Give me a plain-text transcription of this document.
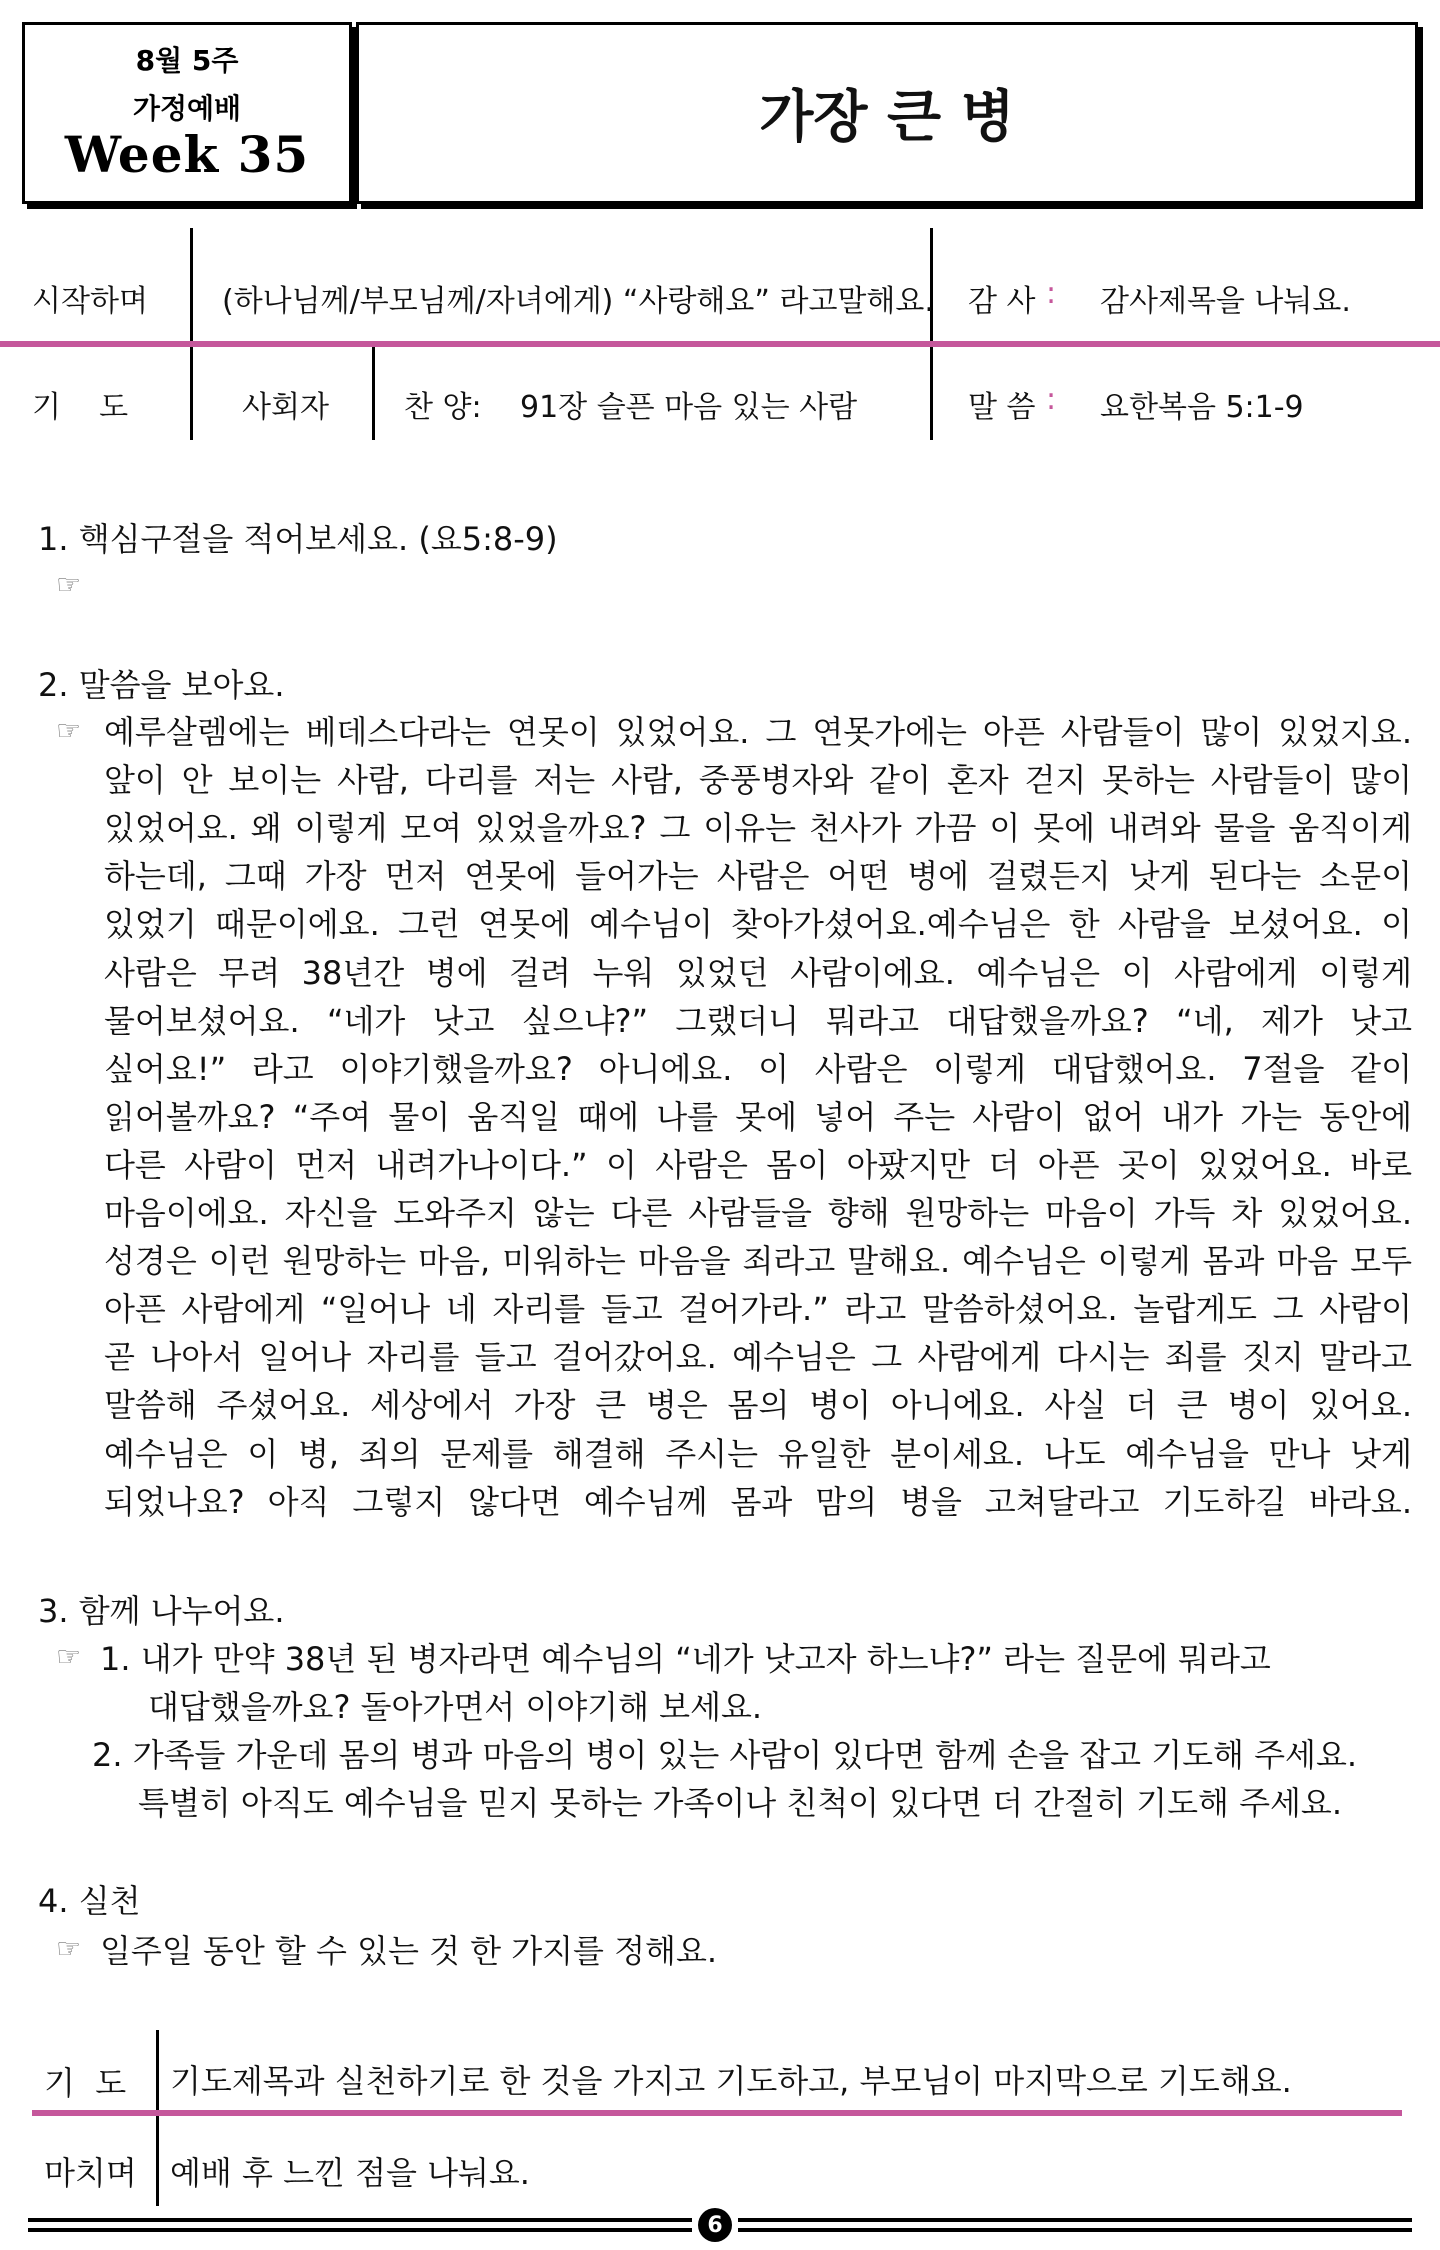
8월 5주
가정예배
Week 35
가장 큰 병
시작하며 (하나님께/부모님께/자녀에게) “사랑해요” 라고말해요. 감 사 : 감사제목을 나눠요.
기    도	사회자	찬 양: 91장 슬픈 마음 있는 사람	말 씀 : 요한복음 5:1-9
1. 핵심구절을 적어보세요. (요5:8-9)
☞
2. 말씀을 보아요.
☞ 예루살렘에는 베데스다라는 연못이 있었어요. 그 연못가에는 아픈 사람들이 많이 있었지요.
앞이 안 보이는 사람, 다리를 저는 사람, 중풍병자와 같이 혼자 걷지 못하는 사람들이 많이
있었어요. 왜 이렇게 모여 있었을까요? 그 이유는 천사가 가끔 이 못에 내려와 물을 움직이게
하는데, 그때 가장 먼저 연못에 들어가는 사람은 어떤 병에 걸렸든지 낫게 된다는 소문이
있었기 때문이에요. 그런 연못에 예수님이 찾아가셨어요.예수님은 한 사람을 보셨어요. 이
사람은 무려 38년간 병에 걸려 누워 있었던 사람이에요. 예수님은 이 사람에게 이렇게
물어보셨어요. “네가 낫고 싶으냐?” 그랬더니 뭐라고 대답했을까요? “네, 제가 낫고
싶어요!” 라고 이야기했을까요? 아니에요. 이 사람은 이렇게 대답했어요. 7절을 같이
읽어볼까요? “주여 물이 움직일 때에 나를 못에 넣어 주는 사람이 없어 내가 가는 동안에
다른 사람이 먼저 내려가나이다.” 이 사람은 몸이 아팠지만 더 아픈 곳이 있었어요. 바로
마음이에요. 자신을 도와주지 않는 다른 사람들을 향해 원망하는 마음이 가득 차 있었어요.
성경은 이런 원망하는 마음, 미워하는 마음을 죄라고 말해요. 예수님은 이렇게 몸과 마음 모두
아픈 사람에게 “일어나 네 자리를 들고 걸어가라.” 라고 말씀하셨어요. 놀랍게도 그 사람이
곧 나아서 일어나 자리를 들고 걸어갔어요. 예수님은 그 사람에게 다시는 죄를 짓지 말라고
말씀해 주셨어요. 세상에서 가장 큰 병은 몸의 병이 아니에요. 사실 더 큰 병이 있어요.
예수님은 이 병, 죄의 문제를 해결해 주시는 유일한 분이세요. 나도 예수님을 만나 낫게
되었나요? 아직 그렇지 않다면 예수님께 몸과 맘의 병을 고쳐달라고 기도하길 바라요.
3. 함께 나누어요.
☞ 1. 내가 만약 38년 된 병자라면 예수님의 “네가 낫고자 하느냐?” 라는 질문에 뭐라고
대답했을까요? 돌아가면서 이야기해 보세요.
2. 가족들 가운데 몸의 병과 마음의 병이 있는 사람이 있다면 함께 손을 잡고 기도해 주세요.
특별히 아직도 예수님을 믿지 못하는 가족이나 친척이 있다면 더 간절히 기도해 주세요.
4. 실천
☞ 일주일 동안 할 수 있는 것 한 가지를 정해요.
기  도 기도제목과 실천하기로 한 것을 가지고 기도하고, 부모님이 마지막으로 기도해요.
마치며 예배 후 느낀 점을 나눠요.
6
